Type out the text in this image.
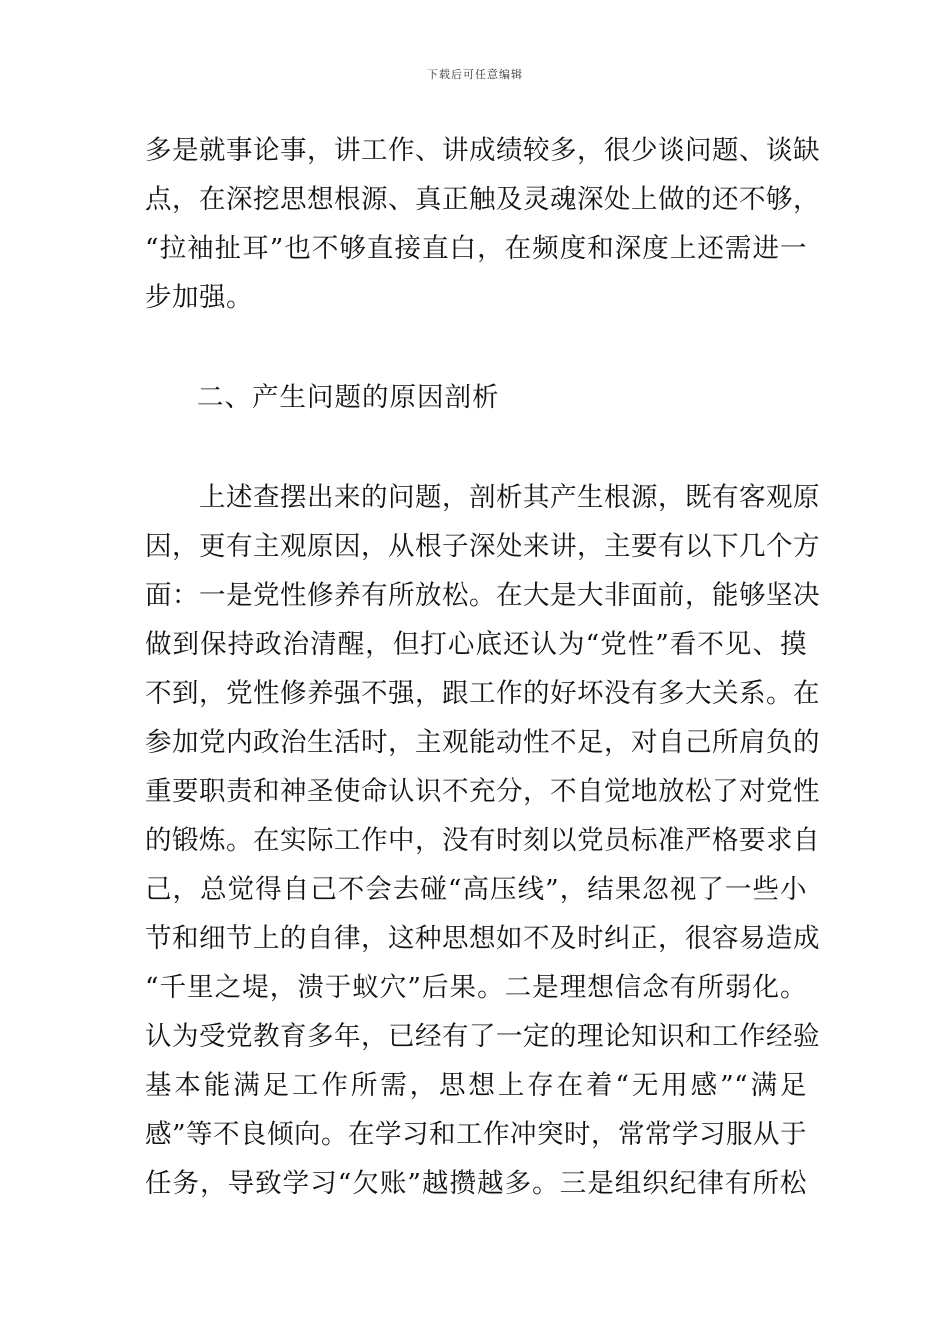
下载后可任意编辑
多是就事论事，讲工作、讲成绩较多，很少谈问题、谈缺
点，在深挖思想根源、真正触及灵魂深处上做的还不够，
“拉袖扯耳”也不够直接直白，在频度和深度上还需进一
步加强。
二、产生问题的原因剖析
　　上述查摆出来的问题，剖析其产生根源，既有客观原
因，更有主观原因，从根子深处来讲，主要有以下几个方
面：一是党性修养有所放松。在大是大非面前，能够坚决
做到保持政治清醒，但打心底还认为“党性”看不见、摸
不到，党性修养强不强，跟工作的好坏没有多大关系。在
参加党内政治生活时，主观能动性不足，对自己所肩负的
重要职责和神圣使命认识不充分，不自觉地放松了对党性
的锻炼。在实际工作中，没有时刻以党员标准严格要求自
己，总觉得自己不会去碰“高压线”，结果忽视了一些小
节和细节上的自律，这种思想如不及时纠正，很容易造成
“千里之堤，溃于蚁穴”后果。二是理想信念有所弱化。
认为受党教育多年，已经有了一定的理论知识和工作经验
基本能满足工作所需，思想上存在着“无用感”“满足
感”等不良倾向。在学习和工作冲突时，常常学习服从于
任务，导致学习“欠账”越攒越多。三是组织纪律有所松
